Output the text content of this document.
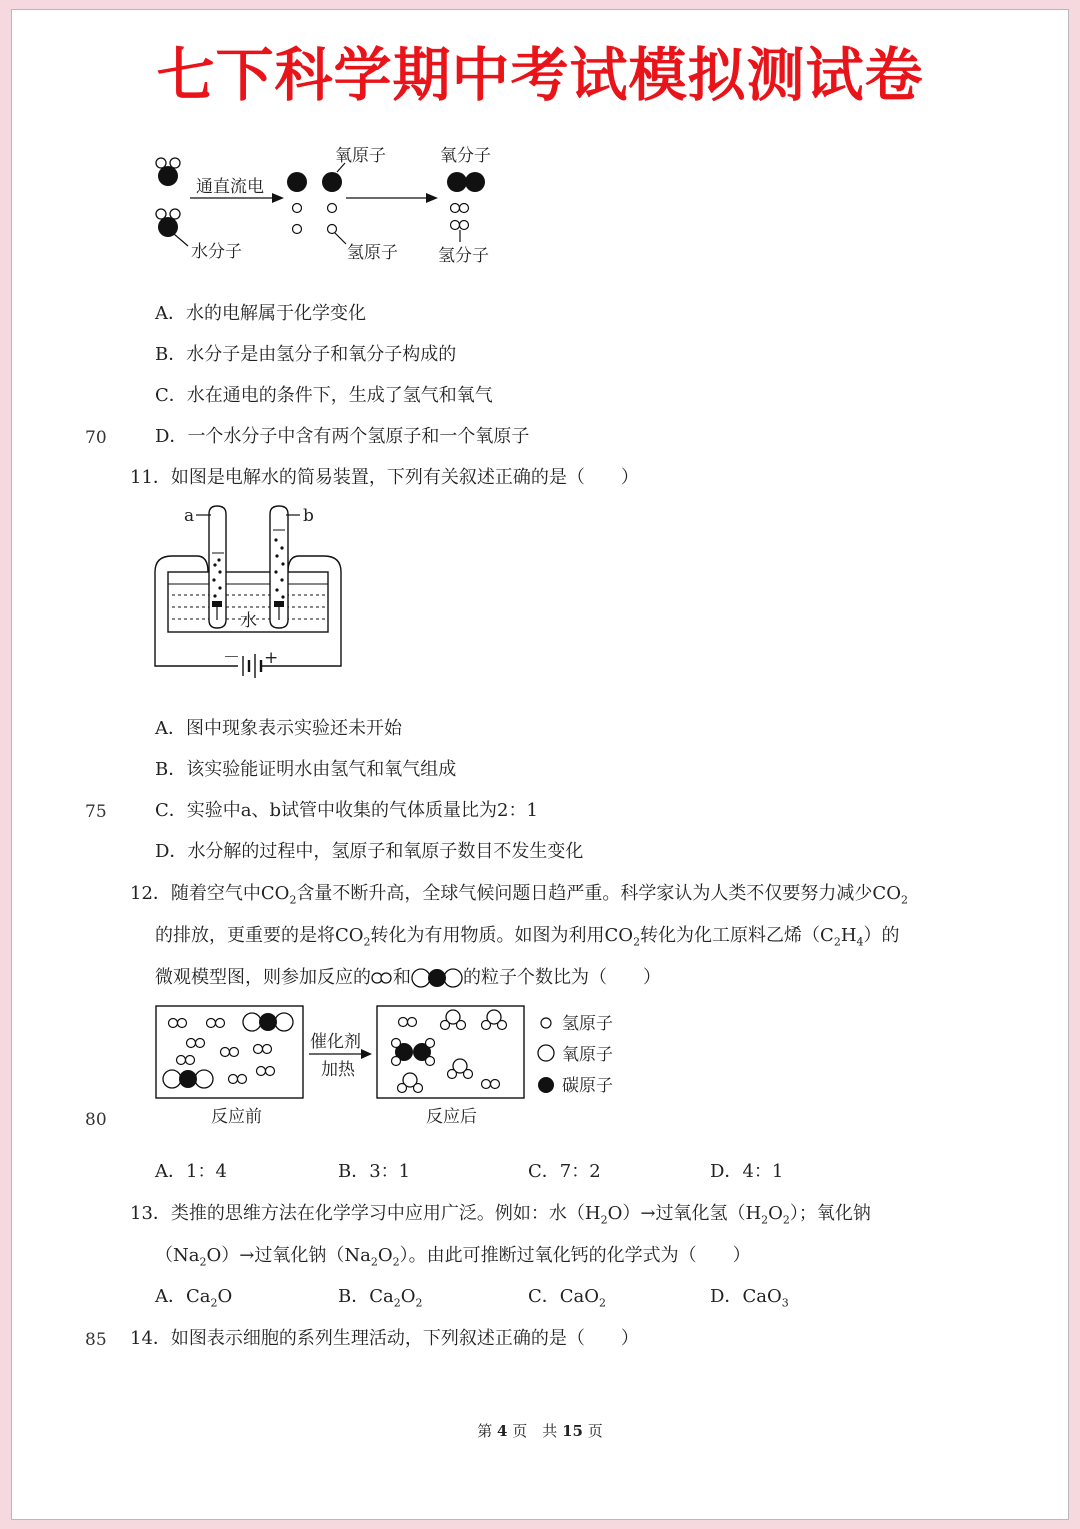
七下科学期中考试模拟测试卷
水分子
通直流电
氧原子
氢原子
氧分子
氢分子
A．水的电解属于化学变化
B．水分子是由氢分子和氧分子构成的
C．水在通电的条件下，生成了氢气和氧气
70	D．一个水分子中含有两个氢原子和一个氧原子
11．如图是电解水的简易装置，下列有关叙述正确的是（　　）
－ +
水
a	b
A．图中现象表示实验还未开始
B．该实验能证明水由氢气和氧气组成
75	C．实验中a、b试管中收集的气体质量比为2：1
D．水分解的过程中，氢原子和氧原子数目不发生变化
12．随着空气中$CO_2$含量不断升高，全球气候问题日趋严重。科学家认为人类不仅要努力减少$CO_2$
的排放，更重要的是将$CO_2$转化为有用物质。如图为利用$CO_2$转化为化工原料乙烯$(C_2H_4)$的
微观模型图，则参加反应的 和	的粒子个数比为（　　）
反应前
催化剂
加热
反应后
氢原子
氧原子
碳原子
80
A．1：4	B．3：1	C．7：2	D．4：1
13．类推的思维方法在化学学习中应用广泛。例如：水$(H_2O)\to$过氧化氢$(H_2O_2)$；氧化钠
$(Na_2O)\to$过氧化钠$(Na_2O_2)$。由此可推断过氧化钙的化学式为（　　）
A．$Ca_2O$	B．$Ca_2O_2$	C．CaO$_2$	D．CaO$_3$
85 14．如图表示细胞的系列生理活动，下列叙述正确的是（　　）
第 4 页　共 15 页
